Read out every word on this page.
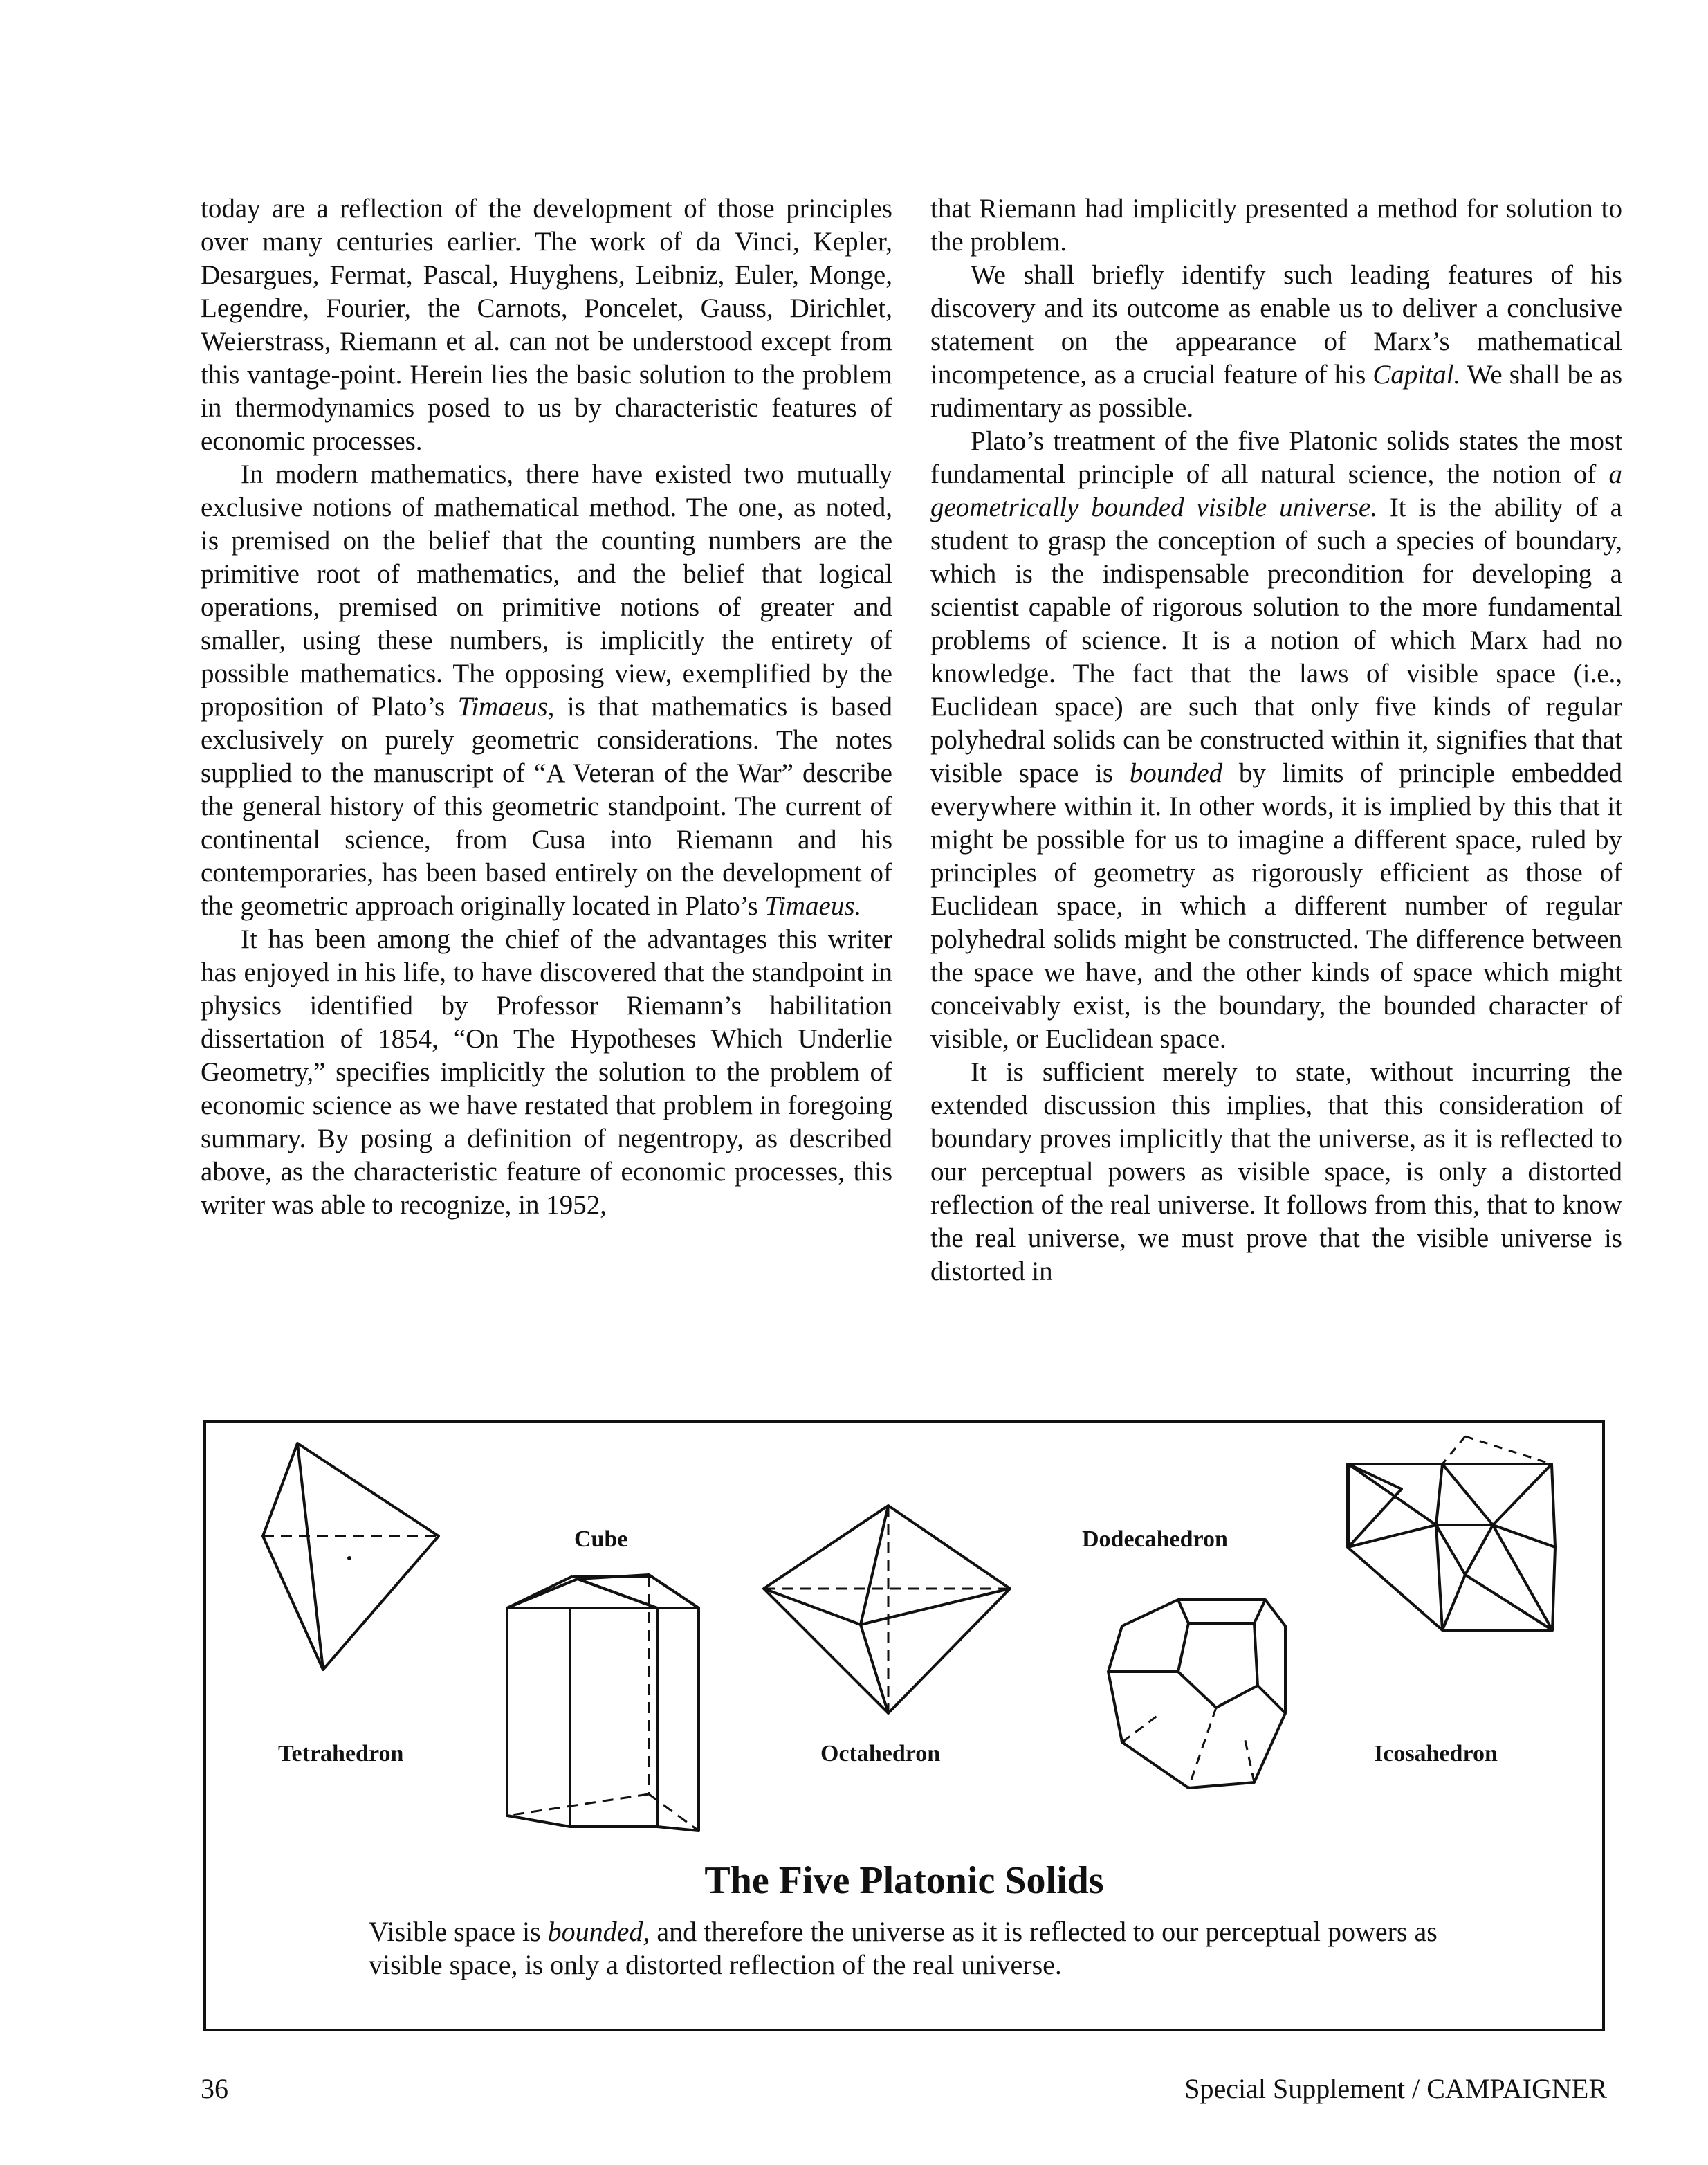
today are a reflection of the development of those principles over many centuries earlier. The work of da Vinci, Kepler, Desargues, Fermat, Pascal, Huyghens, Leibniz, Euler, Monge, Legendre, Fourier, the Carnots, Poncelet, Gauss, Dirichlet, Weierstrass, Riemann et al. can not be understood except from this vantage-point. Herein lies the basic solution to the problem in thermodynamics posed to us by characteristic features of economic processes.

In modern mathematics, there have existed two mutually exclusive notions of mathematical method. The one, as noted, is premised on the belief that the counting numbers are the primitive root of mathematics, and the belief that logical operations, premised on primitive notions of greater and smaller, using these numbers, is implicitly the entirety of possible mathematics. The opposing view, exemplified by the proposition of Plato’s Timaeus, is that mathematics is based exclusively on purely geometric considerations. The notes supplied to the manuscript of “A Veteran of the War” describe the general history of this geometric standpoint. The current of continental science, from Cusa into Riemann and his contemporaries, has been based entirely on the development of the geometric approach originally located in Plato’s Timaeus.

It has been among the chief of the advantages this writer has enjoyed in his life, to have discovered that the standpoint in physics identified by Professor Riemann’s habilitation dissertation of 1854, “On The Hypotheses Which Underlie Geometry,” specifies implicitly the solution to the problem of economic science as we have restated that problem in foregoing summary. By posing a definition of negentropy, as described above, as the characteristic feature of economic processes, this writer was able to recognize, in 1952,

that Riemann had implicitly presented a method for solution to the problem.

We shall briefly identify such leading features of his discovery and its outcome as enable us to deliver a conclusive statement on the appearance of Marx’s mathematical incompetence, as a crucial feature of his Capital. We shall be as rudimentary as possible.

Plato’s treatment of the five Platonic solids states the most fundamental principle of all natural science, the notion of a geometrically bounded visible universe. It is the ability of a student to grasp the conception of such a species of boundary, which is the indispensable precondition for developing a scientist capable of rigorous solution to the more fundamental problems of science. It is a notion of which Marx had no knowledge. The fact that the laws of visible space (i.e., Euclidean space) are such that only five kinds of regular polyhedral solids can be constructed within it, signifies that that visible space is bounded by limits of principle embedded everywhere within it. In other words, it is implied by this that it might be possible for us to imagine a different space, ruled by principles of geometry as rigorously efficient as those of Euclidean space, in which a different number of regular polyhedral solids might be constructed. The difference between the space we have, and the other kinds of space which might conceivably exist, is the boundary, the bounded character of visible, or Euclidean space.

It is sufficient merely to state, without incurring the extended discussion this implies, that this consideration of boundary proves implicitly that the universe, as it is reflected to our perceptual powers as visible space, is only a distorted reflection of the real universe. It follows from this, that to know the real universe, we must prove that the visible universe is distorted in

Cube	Dodecahedron
Tetrahedron	Octahedron	Icosahedron
The Five Platonic Solids
Visible space is bounded, and therefore the universe as it is reflected to our perceptual powers as visible space, is only a distorted reflection of the real universe.
36	Special Supplement / CAMPAIGNER
